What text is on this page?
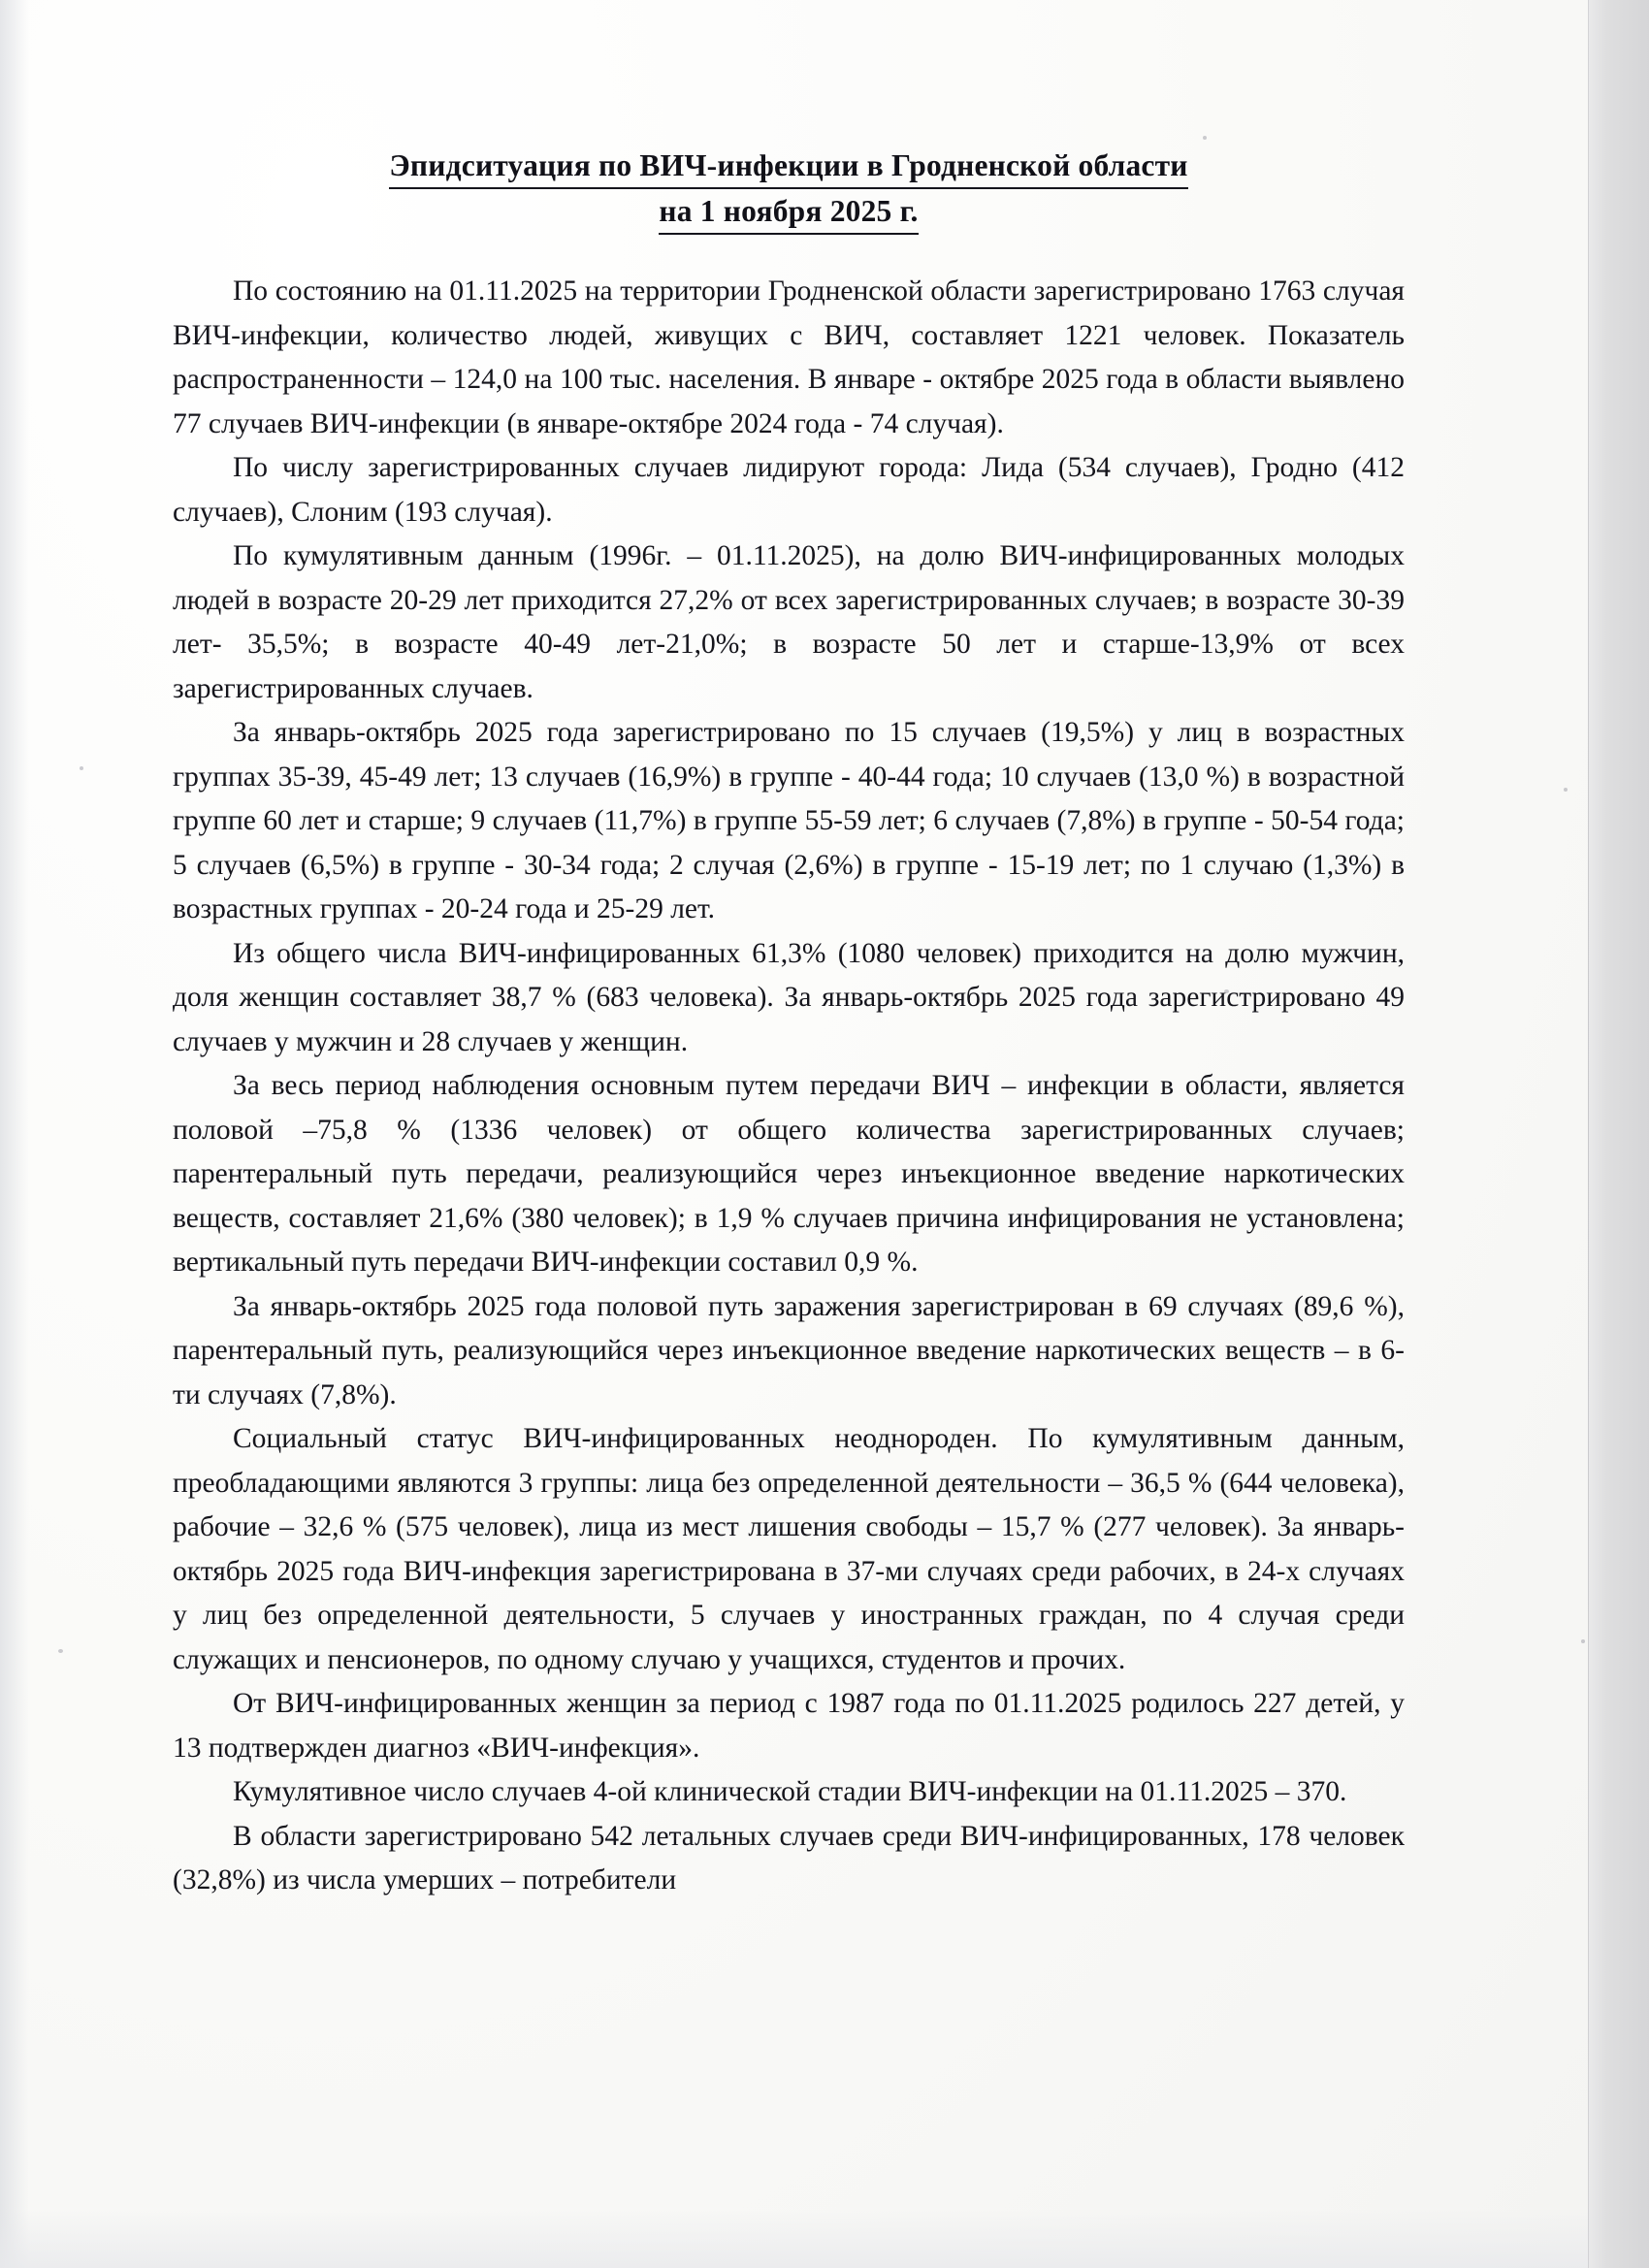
Эпидситуация по ВИЧ-инфекции в Гродненской области
на 1 ноября 2025 г.

По состоянию на 01.11.2025 на территории Гродненской области зарегистрировано 1763 случая ВИЧ-инфекции, количество людей, живущих с ВИЧ, составляет 1221 человек. Показатель распространенности – 124,0 на 100 тыс. населения. В январе - октябре 2025 года в области выявлено 77 случаев ВИЧ-инфекции (в январе-октябре 2024 года - 74 случая).

По числу зарегистрированных случаев лидируют города: Лида (534 случаев), Гродно (412 случаев), Слоним (193 случая).

По кумулятивным данным (1996г. – 01.11.2025), на долю ВИЧ-инфицированных молодых людей в возрасте 20-29 лет приходится 27,2% от всех зарегистрированных случаев; в возрасте 30-39 лет- 35,5%; в возрасте 40-49 лет-21,0%; в возрасте 50 лет и старше-13,9% от всех зарегистрированных случаев.

За январь-октябрь 2025 года зарегистрировано по 15 случаев (19,5%) у лиц в возрастных группах 35-39, 45-49 лет; 13 случаев (16,9%) в группе - 40-44 года; 10 случаев (13,0 %) в возрастной группе 60 лет и старше; 9 случаев (11,7%) в группе 55-59 лет; 6 случаев (7,8%) в группе - 50-54 года; 5 случаев (6,5%) в группе - 30-34 года; 2 случая (2,6%) в группе - 15-19 лет; по 1 случаю (1,3%) в возрастных группах - 20-24 года и 25-29 лет.

Из общего числа ВИЧ-инфицированных 61,3% (1080 человек) приходится на долю мужчин, доля женщин составляет 38,7 % (683 человека). За январь-октябрь 2025 года зарегистрировано 49 случаев у мужчин и 28 случаев у женщин.

За весь период наблюдения основным путем передачи ВИЧ – инфекции в области, является половой –75,8 % (1336 человек) от общего количества зарегистрированных случаев; парентеральный путь передачи, реализующийся через инъекционное введение наркотических веществ, составляет 21,6% (380 человек); в 1,9 % случаев причина инфицирования не установлена; вертикальный путь передачи ВИЧ-инфекции составил 0,9 %.

За январь-октябрь 2025 года половой путь заражения зарегистрирован в 69 случаях (89,6 %), парентеральный путь, реализующийся через инъекционное введение наркотических веществ – в 6-ти случаях (7,8%).

Социальный статус ВИЧ-инфицированных неоднороден. По кумулятивным данным, преобладающими являются 3 группы: лица без определенной деятельности – 36,5 % (644 человека), рабочие – 32,6 % (575 человек), лица из мест лишения свободы – 15,7 % (277 человек). За январь-октябрь 2025 года ВИЧ-инфекция зарегистрирована в 37-ми случаях среди рабочих, в 24-х случаях у лиц без определенной деятельности, 5 случаев у иностранных граждан, по 4 случая среди служащих и пенсионеров, по одному случаю у учащихся, студентов и прочих.

От ВИЧ-инфицированных женщин за период с 1987 года по 01.11.2025 родилось 227 детей, у 13 подтвержден диагноз «ВИЧ-инфекция».

Кумулятивное число случаев 4-ой клинической стадии ВИЧ-инфекции на 01.11.2025 – 370.

В области зарегистрировано 542 летальных случаев среди ВИЧ-инфицированных, 178 человек (32,8%) из числа умерших – потребители
